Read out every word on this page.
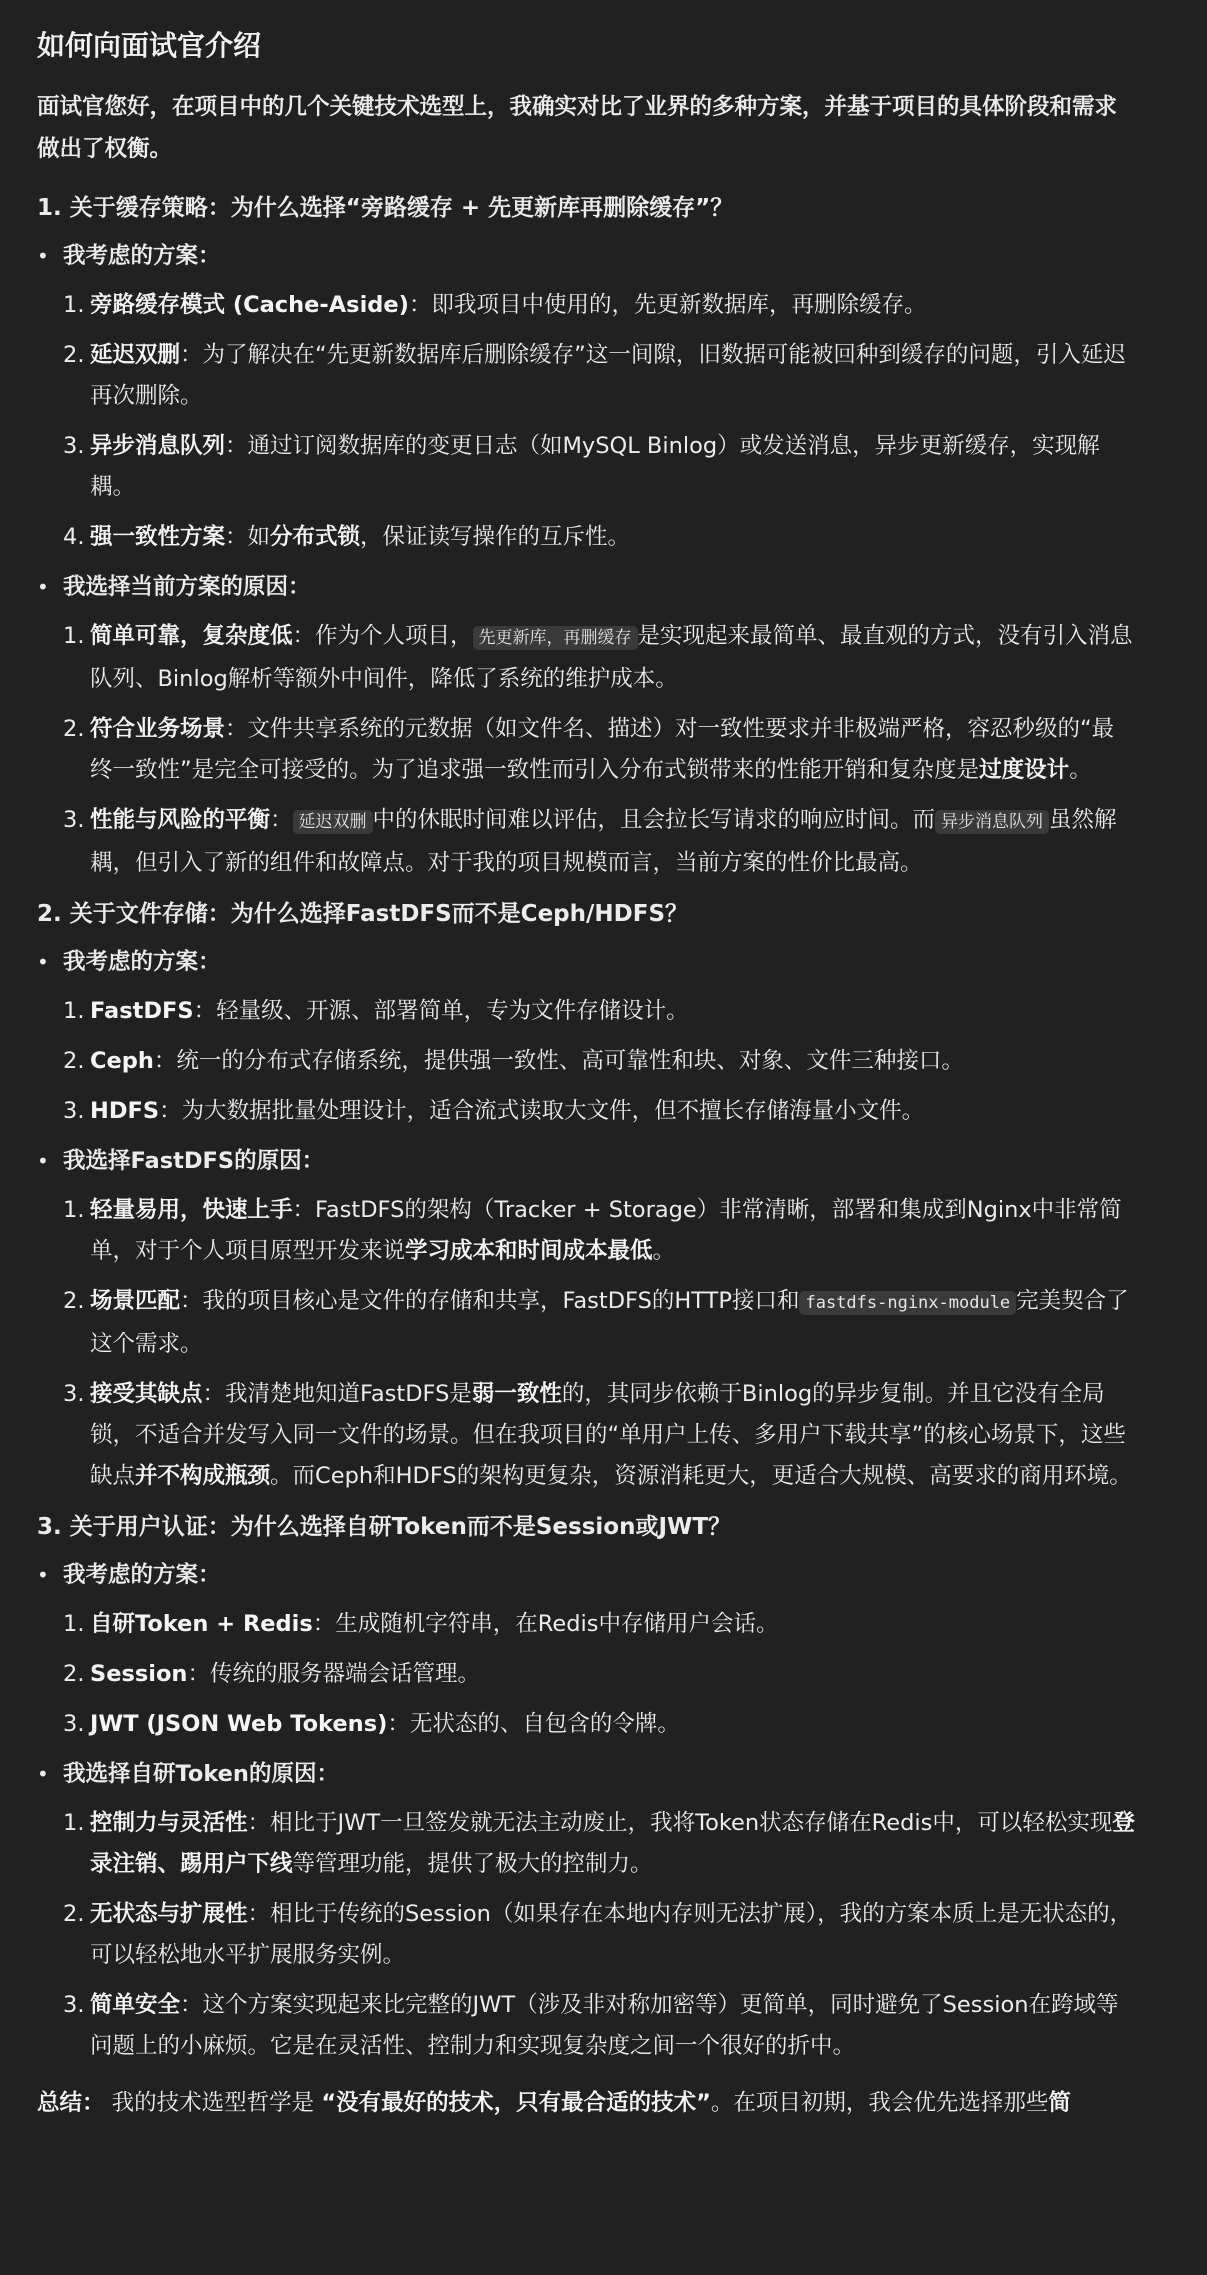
如何向面试官介绍

面试官您好，在项目中的几个关键技术选型上，我确实对比了业界的多种方案，并基于项目的具体阶段和需求做出了权衡。

1. 关于缓存策略：为什么选择“旁路缓存 + 先更新库再删除缓存”？
• 我考虑的方案：
1. 旁路缓存模式 (Cache-Aside)：即我项目中使用的，先更新数据库，再删除缓存。
2. 延迟双删：为了解决在“先更新数据库后删除缓存”这一间隙，旧数据可能被回种到缓存的问题，引入延迟再次删除。
3. 异步消息队列：通过订阅数据库的变更日志（如MySQL Binlog）或发送消息，异步更新缓存，实现解耦。
4. 强一致性方案：如分布式锁，保证读写操作的互斥性。
• 我选择当前方案的原因：
1. 简单可靠，复杂度低：作为个人项目， 先更新库，再删缓存 是实现起来最简单、最直观的方式，没有引入消息队列、Binlog解析等额外中间件，降低了系统的维护成本。
2. 符合业务场景：文件共享系统的元数据（如文件名、描述）对一致性要求并非极端严格，容忍秒级的“最终一致性”是完全可接受的。为了追求强一致性而引入分布式锁带来的性能开销和复杂度是过度设计。
3. 性能与风险的平衡： 延迟双删 中的休眠时间难以评估，且会拉长写请求的响应时间。而 异步消息队列 虽然解耦，但引入了新的组件和故障点。对于我的项目规模而言，当前方案的性价比最高。
2. 关于文件存储：为什么选择FastDFS而不是Ceph/HDFS？
• 我考虑的方案：
1. FastDFS：轻量级、开源、部署简单，专为文件存储设计。
2. Ceph：统一的分布式存储系统，提供强一致性、高可靠性和块、对象、文件三种接口。
3. HDFS：为大数据批量处理设计，适合流式读取大文件，但不擅长存储海量小文件。
• 我选择FastDFS的原因：
1. 轻量易用，快速上手：FastDFS的架构（Tracker + Storage）非常清晰，部署和集成到Nginx中非常简单，对于个人项目原型开发来说学习成本和时间成本最低。
2. 场景匹配：我的项目核心是文件的存储和共享，FastDFS的HTTP接口和 fastdfs-nginx-module 完美契合了这个需求。
3. 接受其缺点：我清楚地知道FastDFS是弱一致性的，其同步依赖于Binlog的异步复制。并且它没有全局锁，不适合并发写入同一文件的场景。但在我项目的“单用户上传、多用户下载共享”的核心场景下，这些缺点并不构成瓶颈。而Ceph和HDFS的架构更复杂，资源消耗更大，更适合大规模、高要求的商用环境。
3. 关于用户认证：为什么选择自研Token而不是Session或JWT？
• 我考虑的方案：
1. 自研Token + Redis：生成随机字符串，在Redis中存储用户会话。
2. Session：传统的服务器端会话管理。
3. JWT (JSON Web Tokens)：无状态的、自包含的令牌。
• 我选择自研Token的原因：
1. 控制力与灵活性：相比于JWT一旦签发就无法主动废止，我将Token状态存储在Redis中，可以轻松实现登录注销、踢用户下线等管理功能，提供了极大的控制力。
2. 无状态与扩展性：相比于传统的Session（如果存在本地内存则无法扩展），我的方案本质上是无状态的，可以轻松地水平扩展服务实例。
3. 简单安全：这个方案实现起来比完整的JWT（涉及非对称加密等）更简单，同时避免了Session在跨域等问题上的小麻烦。它是在灵活性、控制力和实现复杂度之间一个很好的折中。

总结： 我的技术选型哲学是 “没有最好的技术，只有最合适的技术”。在项目初期，我会优先选择那些简
